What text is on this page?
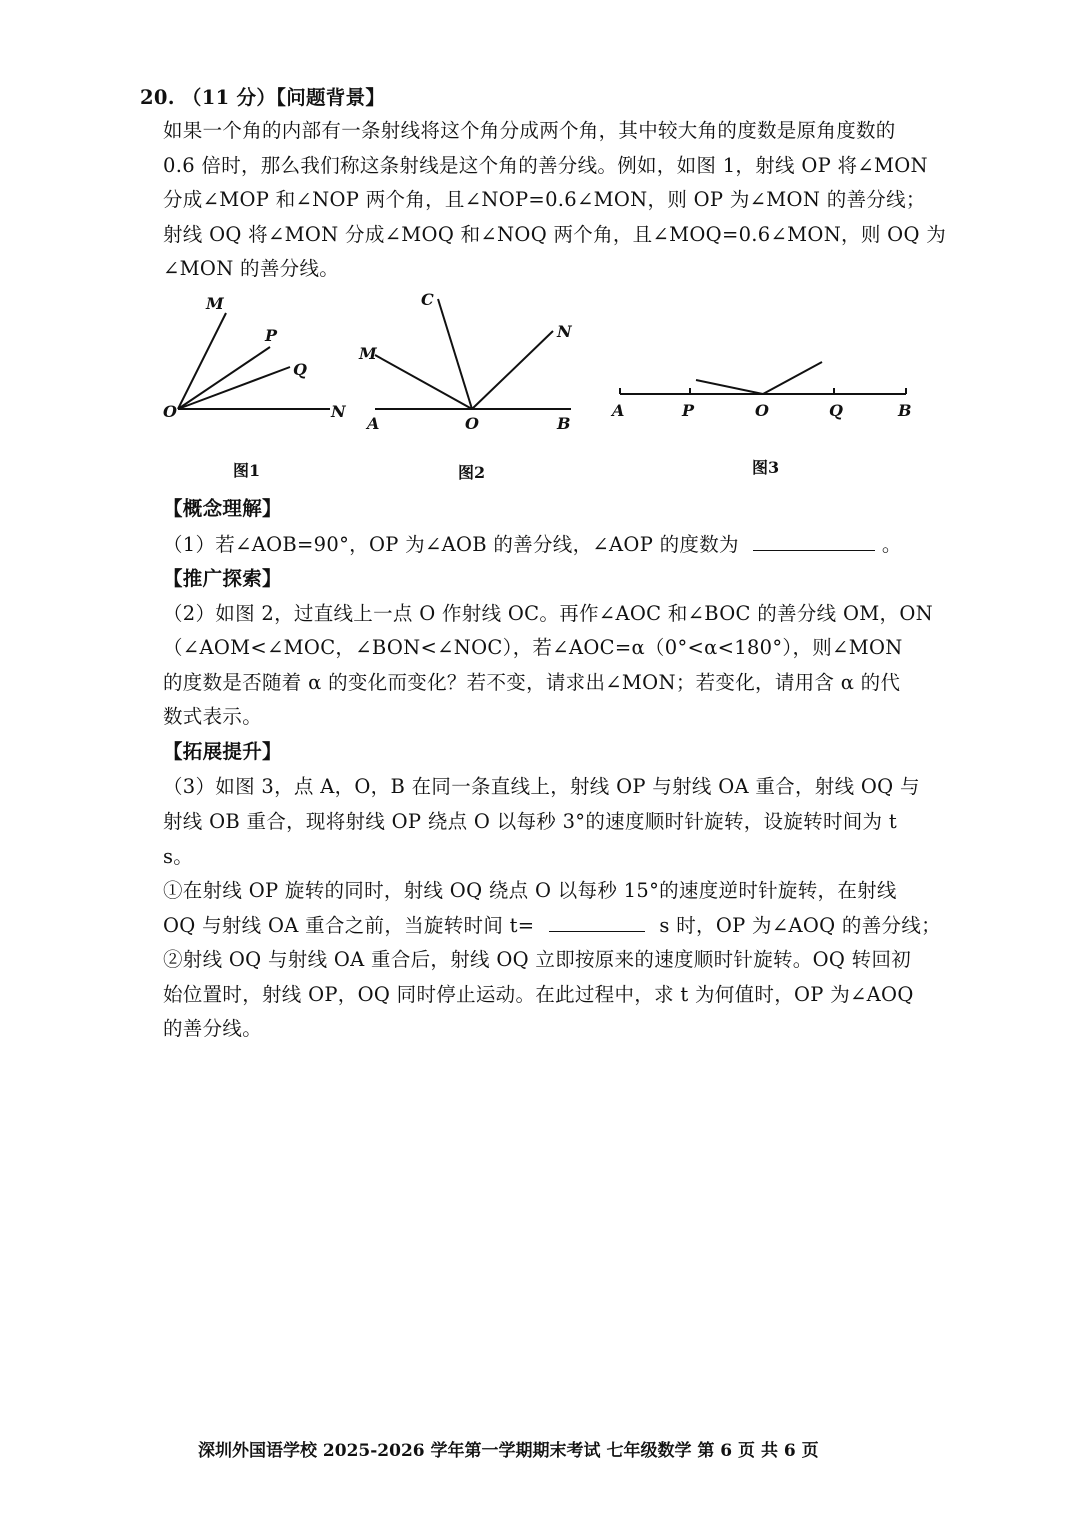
20. （11 分）【问题背景】
如果一个角的内部有一条射线将这个角分成两个角，其中较大角的度数是原角度数的
0.6 倍时，那么我们称这条射线是这个角的善分线。例如，如图 1，射线 OP 将∠MON
分成∠MOP 和∠NOP 两个角，且∠NOP=0.6∠MON，则 OP 为∠MON 的善分线；
射线 OQ 将∠MON 分成∠MOQ 和∠NOQ 两个角，且∠MOQ=0.6∠MON，则 OQ 为
∠MON 的善分线。
M
P
Q
O	N
图1
C
N
M
A	O	B
图2
A	P	O	Q	B
图3
【概念理解】
（1）若∠AOB=90°，OP 为∠AOB 的善分线，∠AOP 的度数为	。
【推广探索】
（2）如图 2，过直线上一点 O 作射线 OC。再作∠AOC 和∠BOC 的善分线 OM，ON
（∠AOM<∠MOC，∠BON<∠NOC），若∠AOC=α（0°<α<180°），则∠MON
的度数是否随着 α 的变化而变化？若不变，请求出∠MON；若变化，请用含 α 的代
数式表示。
【拓展提升】
（3）如图 3，点 A，O，B 在同一条直线上，射线 OP 与射线 OA 重合，射线 OQ 与
射线 OB 重合，现将射线 OP 绕点 O 以每秒 3°的速度顺时针旋转，设旋转时间为 t
s。
①在射线 OP 旋转的同时，射线 OQ 绕点 O 以每秒 15°的速度逆时针旋转，在射线
OQ 与射线 OA 重合之前，当旋转时间 t=	s 时，OP 为∠AOQ 的善分线；
②射线 OQ 与射线 OA 重合后，射线 OQ 立即按原来的速度顺时针旋转。OQ 转回初
始位置时，射线 OP，OQ 同时停止运动。在此过程中，求 t 为何值时，OP 为∠AOQ
的善分线。
深圳外国语学校 2025-2026 学年第一学期期末考试 七年级数学 第 6 页 共 6 页
